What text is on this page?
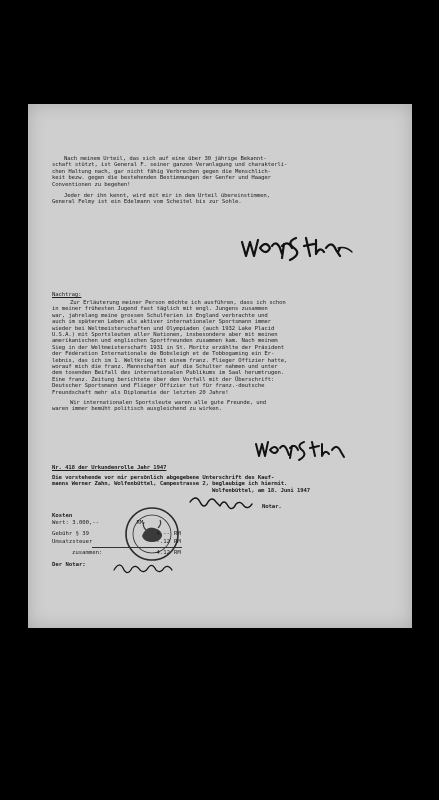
Nach meinem Urteil, das sich auf eine über 30 jährige Bekannt-
schaft stützt, ist General F. seiner ganzen Veranlagung und charakterli-
chen Haltung nach, gar nicht fähig Verbrechen gegen die Menschlich-
keit bezw. gegen die bestehenden Bestimmungen der Genfer und Haager
Conventionen zu begehen!
Jeder der ihn kennt, wird mit mir in dem Urteil übereinstimmen,
General Felmy ist ein Edelmann vom Scheitel bis zur Sohle.
Nachtrag:
Zur Erläuterung meiner Person möchte ich ausführen, dass ich schon
in meiner frühesten Jugend fast täglich mit engl. Jungens zusammen
war, jahrelang meine grossen Schulferien in England verbrachte und
auch im späteren Leben als aktiver internationaler Sportsmann immer
wieder bei Weltmeisterschaften und Olympiaden (auch 1932 Lake Placid
U.S.A.) mit Sportsleuten aller Nationen, insbesondere aber mit meinen
amerikanischen und englischen Sportfreunden zusammen kam. Nach meinem
Sieg in der Weltmeisterschaft 1931 in St. Moritz erzählte der Präsident
der Fédération Internationale de Bobsleigh et de Tobbogaming ein Er-
lebnis, das ich im 1. Weltkrieg mit einem franz. Flieger Offizier hatte,
worauf mich die franz. Mannschaften auf die Schulter nahmen und unter
dem tosenden Beifall des internationalen Publikums im Saal herumtrugen.
Eine franz. Zeitung berichtete über den Vorfall mit der Überschrift:
Deutscher Sportsmann und Flieger Offizier tut für franz.-deutsche
Freundschaft mehr als Diplomatie der letzten 20 Jahre!
Wir internationalen Sportsleute waren alle gute Freunde, und
waren immer bemüht politisch ausgleichend zu wirken.
Nr. 418 der Urkundenrolle Jahr 1947
Die vorstehende vor mir persönlich abgegebene Unterschrift des Kauf-
manns Werner Zahn, Wolfenbüttel, Campestrasse 2, beglaubige ich hiermit.
Wolfenbüttel, am 18. Juni 1947
Notar.
Kosten
Wert: 3.000,--	RM
Gebühr § 39	4.-- RM
Umsatzsteuer	-.12 RM
zusammen:	4.12 RM
Der Notar:
